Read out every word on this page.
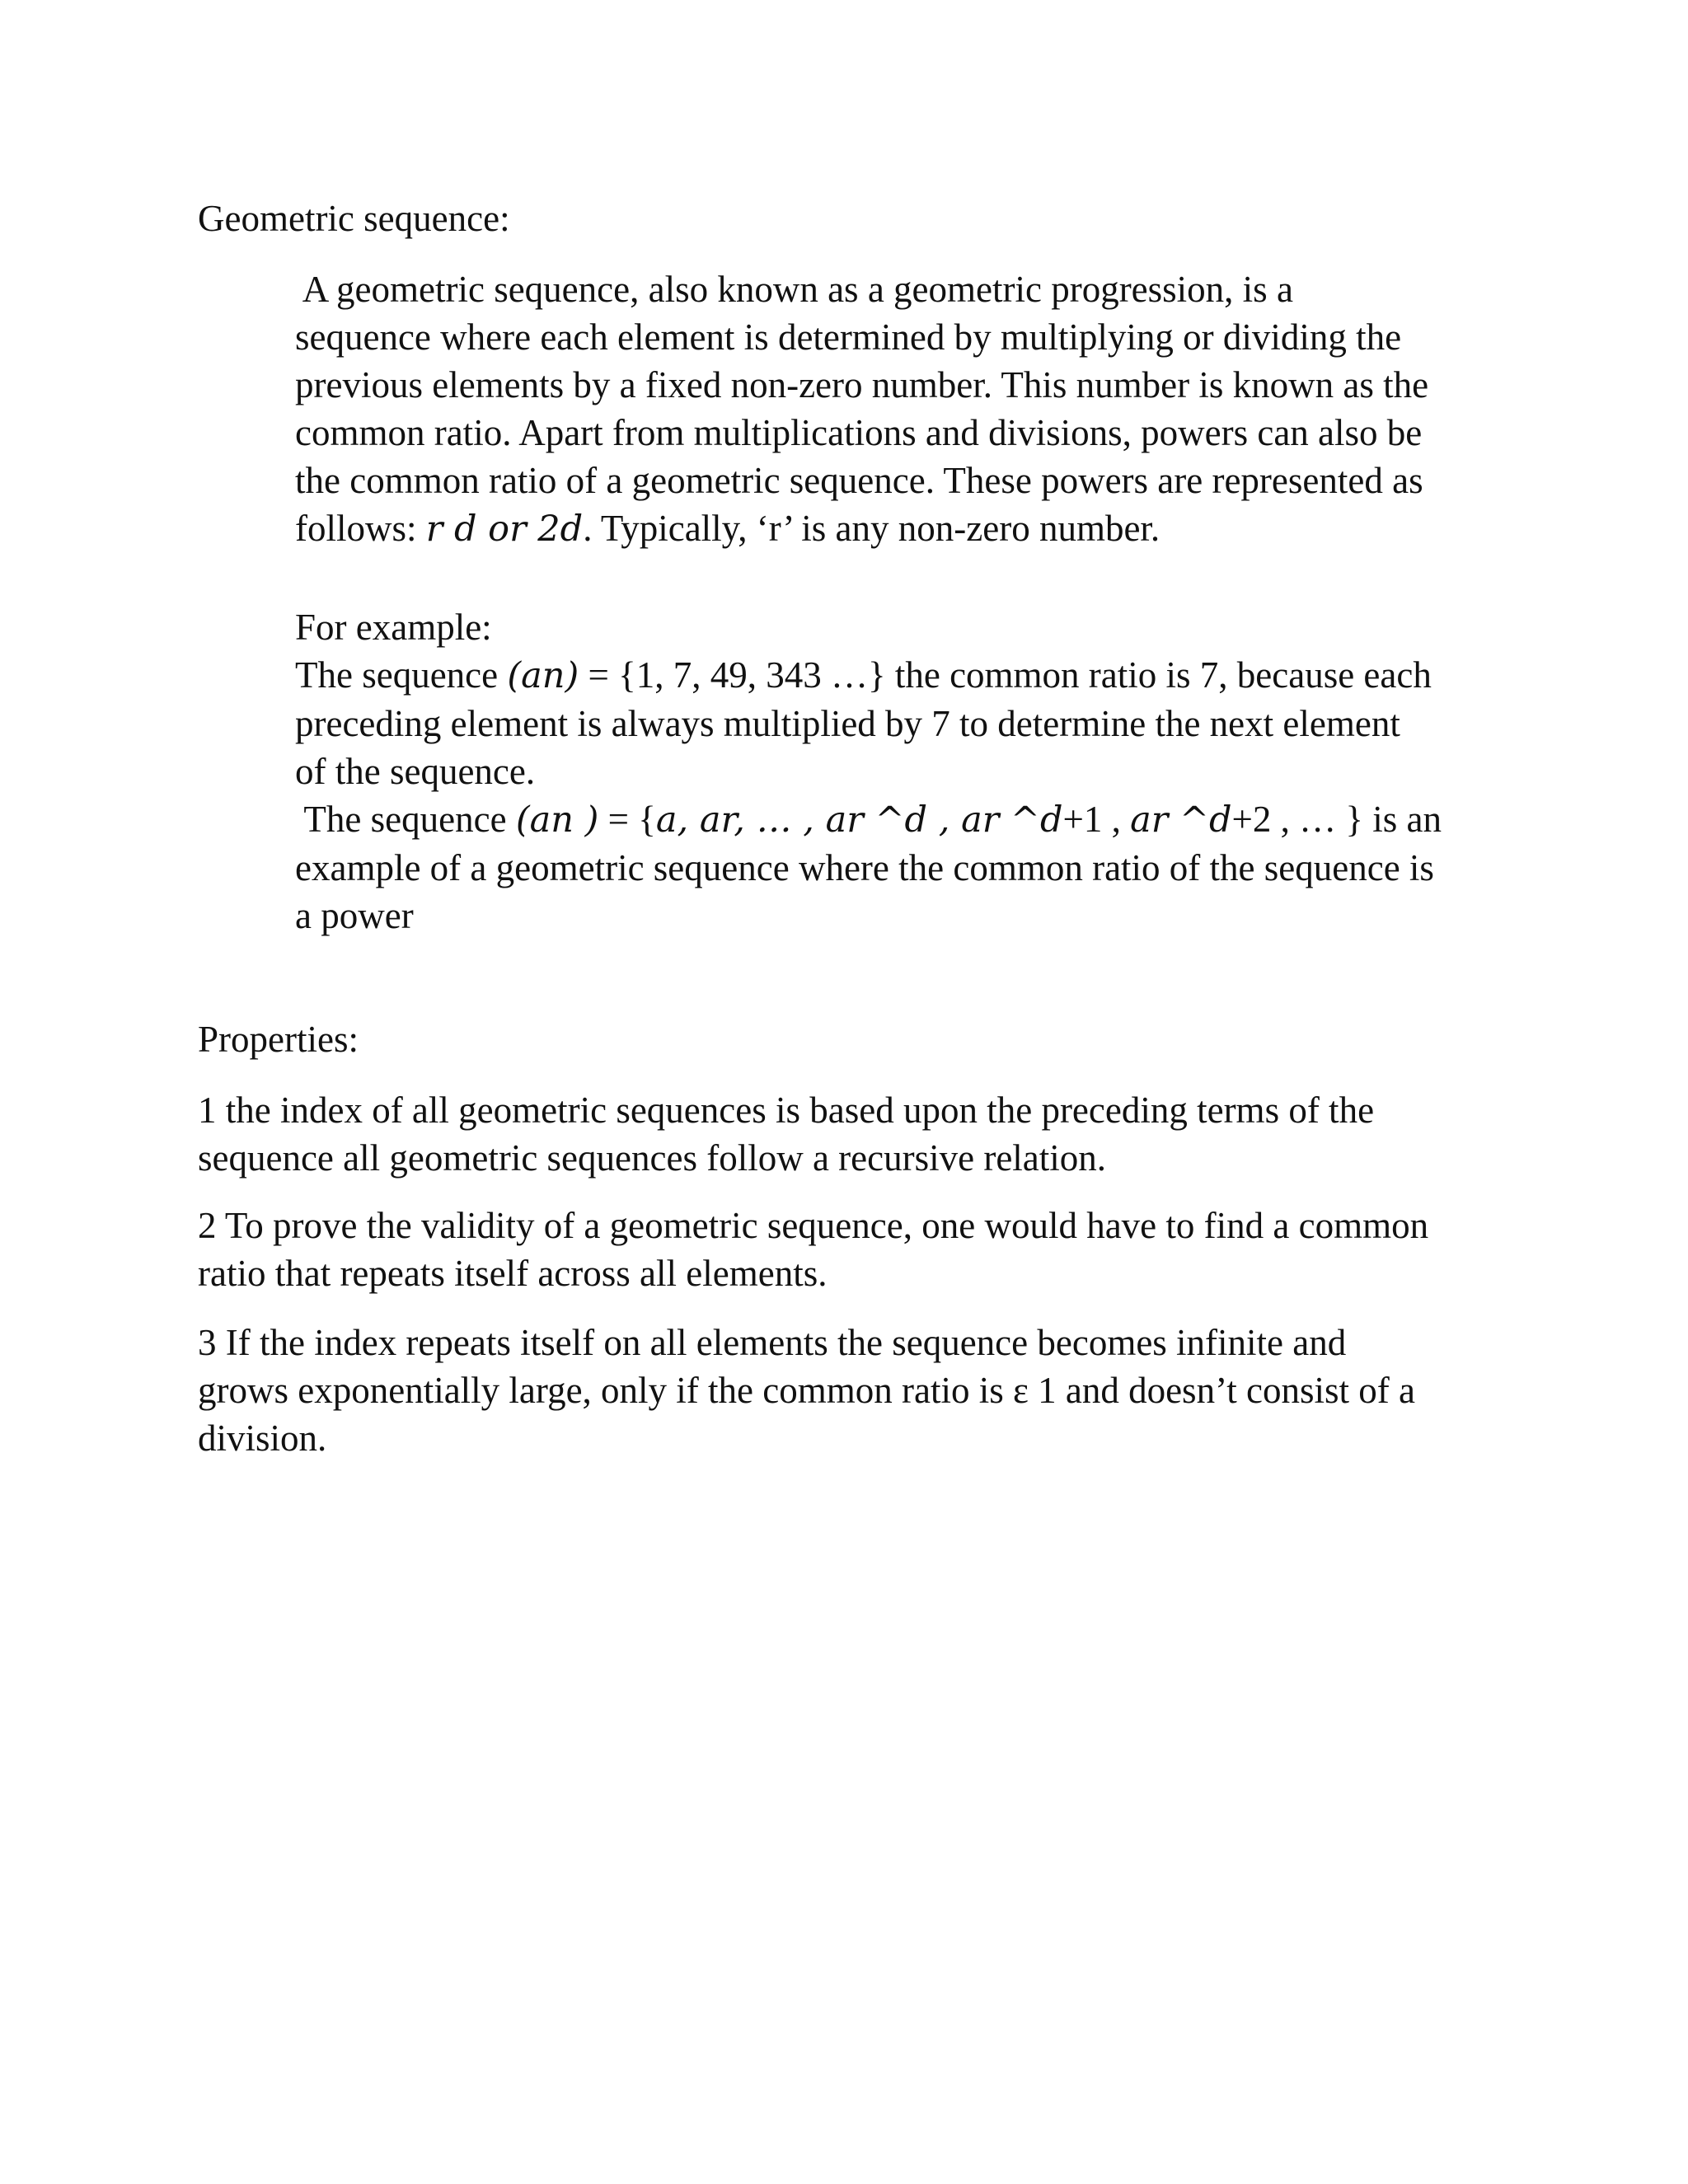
Geometric sequence:
A geometric sequence, also known as a geometric progression, is a
sequence where each element is determined by multiplying or dividing the
previous elements by a fixed non-zero number. This number is known as the
common ratio. Apart from multiplications and divisions, powers can also be
the common ratio of a geometric sequence. These powers are represented as
follows: r d or 2d. Typically, ‘r’ is any non-zero number.
For example:
The sequence (an) = {1, 7, 49, 343 …} the common ratio is 7, because each
preceding element is always multiplied by 7 to determine the next element
of the sequence.
The sequence (an ) = {a, ar, … , ar ^d , ar ^d+1 , ar ^d+2 , … } is an
example of a geometric sequence where the common ratio of the sequence is
a power
Properties:
1 the index of all geometric sequences is based upon the preceding terms of the
sequence all geometric sequences follow a recursive relation.
2 To prove the validity of a geometric sequence, one would have to find a common
ratio that repeats itself across all elements.
3 If the index repeats itself on all elements the sequence becomes infinite and
grows exponentially large, only if the common ratio is ε 1 and doesn’t consist of a
division.
